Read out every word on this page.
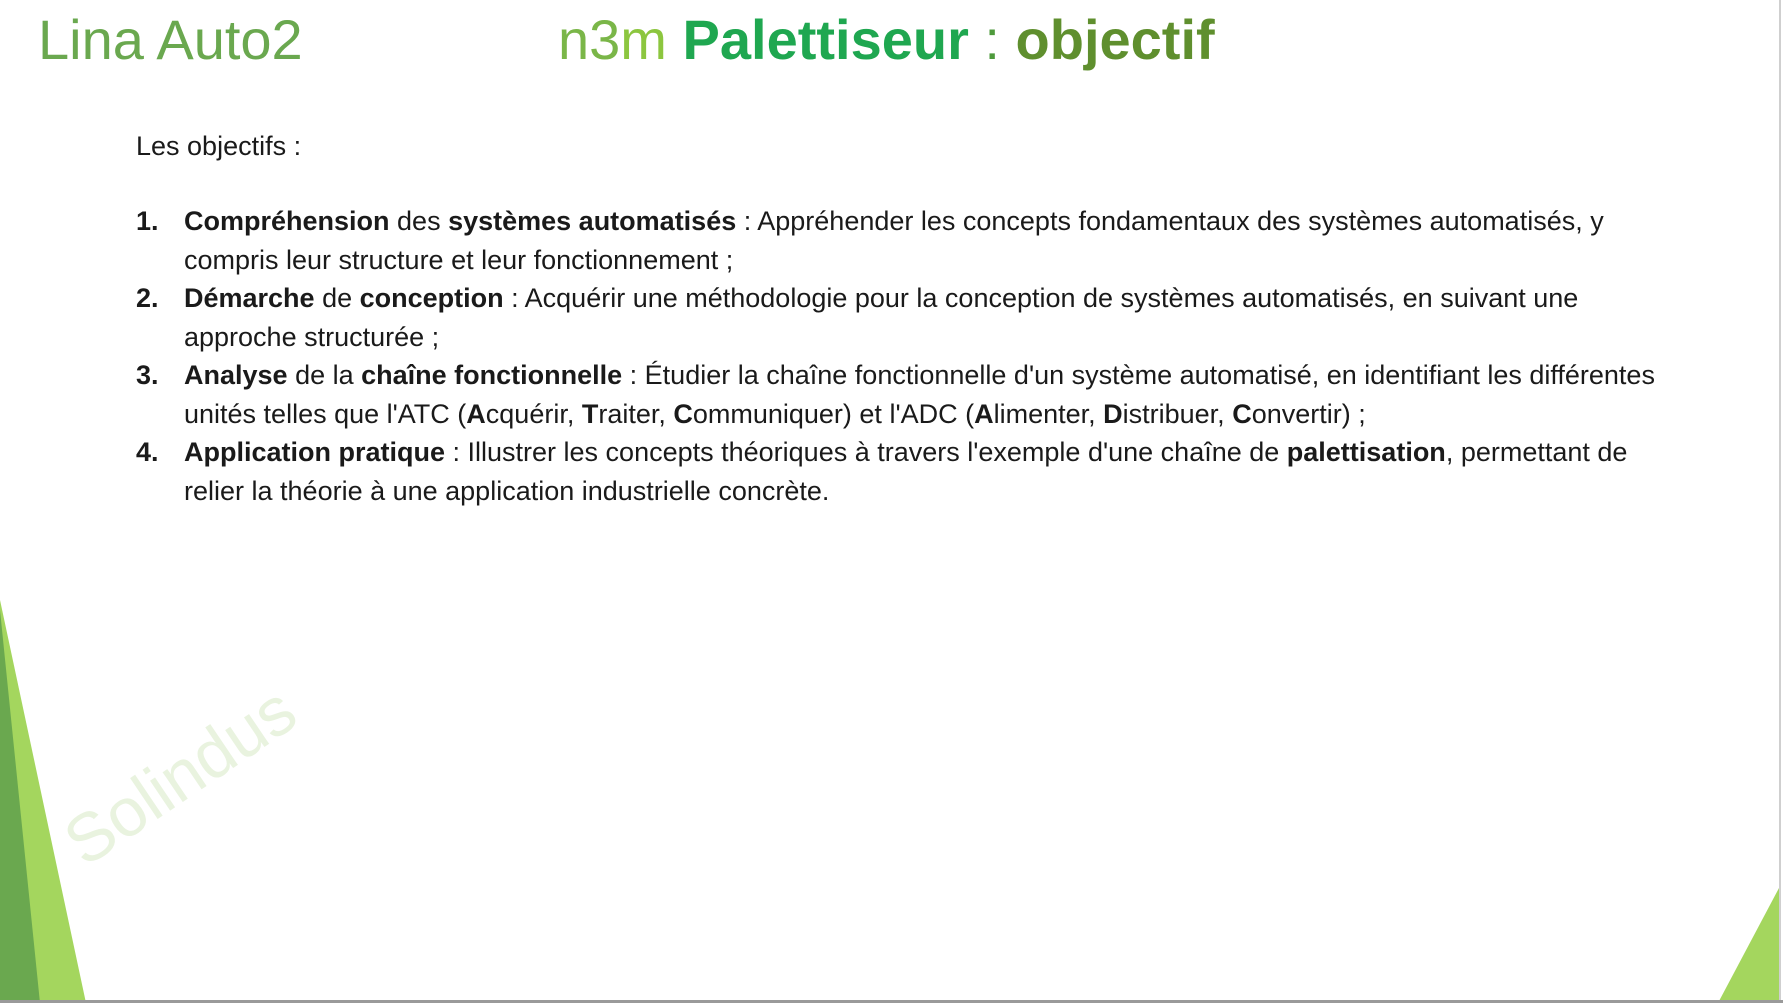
Solindus
Lina Auto2	n3m Palettiseur : objectif
Les objectifs :
1. Compréhension des systèmes automatisés : Appréhender les concepts fondamentaux des systèmes automatisés, y compris leur structure et leur fonctionnement ;
2. Démarche de conception : Acquérir une méthodologie pour la conception de systèmes automatisés, en suivant une approche structurée ;
3. Analyse de la chaîne fonctionnelle : Étudier la chaîne fonctionnelle d'un système automatisé, en identifiant les différentes unités telles que l'ATC (Acquérir, Traiter, Communiquer) et l'ADC (Alimenter, Distribuer, Convertir) ;
4. Application pratique : Illustrer les concepts théoriques à travers l'exemple d'une chaîne de palettisation, permettant de relier la théorie à une application industrielle concrète.
